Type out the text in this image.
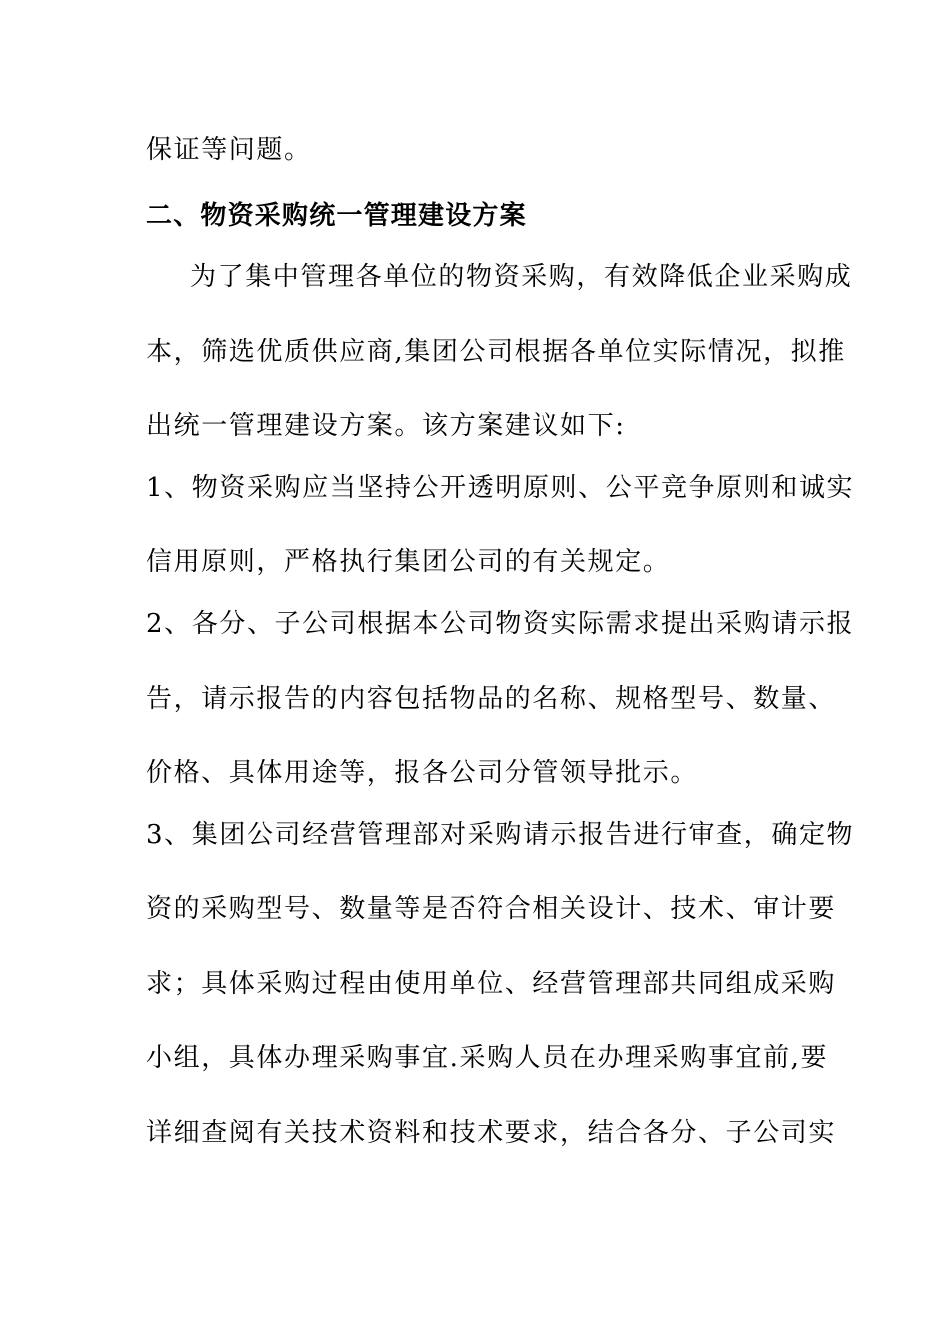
保证等问题。
二、物资采购统一管理建设方案
为了集中管理各单位的物资采购，有效降低企业采购成
本，筛选优质供应商,集团公司根据各单位实际情况，拟推
出统一管理建设方案。该方案建议如下:
1、物资采购应当坚持公开透明原则、公平竞争原则和诚实
信用原则，严格执行集团公司的有关规定。
2、各分、子公司根据本公司物资实际需求提出采购请示报
告，请示报告的内容包括物品的名称、规格型号、数量、
价格、具体用途等，报各公司分管领导批示。
3、集团公司经营管理部对采购请示报告进行审查，确定物
资的采购型号、数量等是否符合相关设计、技术、审计要
求；具体采购过程由使用单位、经营管理部共同组成采购
小组，具体办理采购事宜.采购人员在办理采购事宜前,要
详细查阅有关技术资料和技术要求，结合各分、子公司实
